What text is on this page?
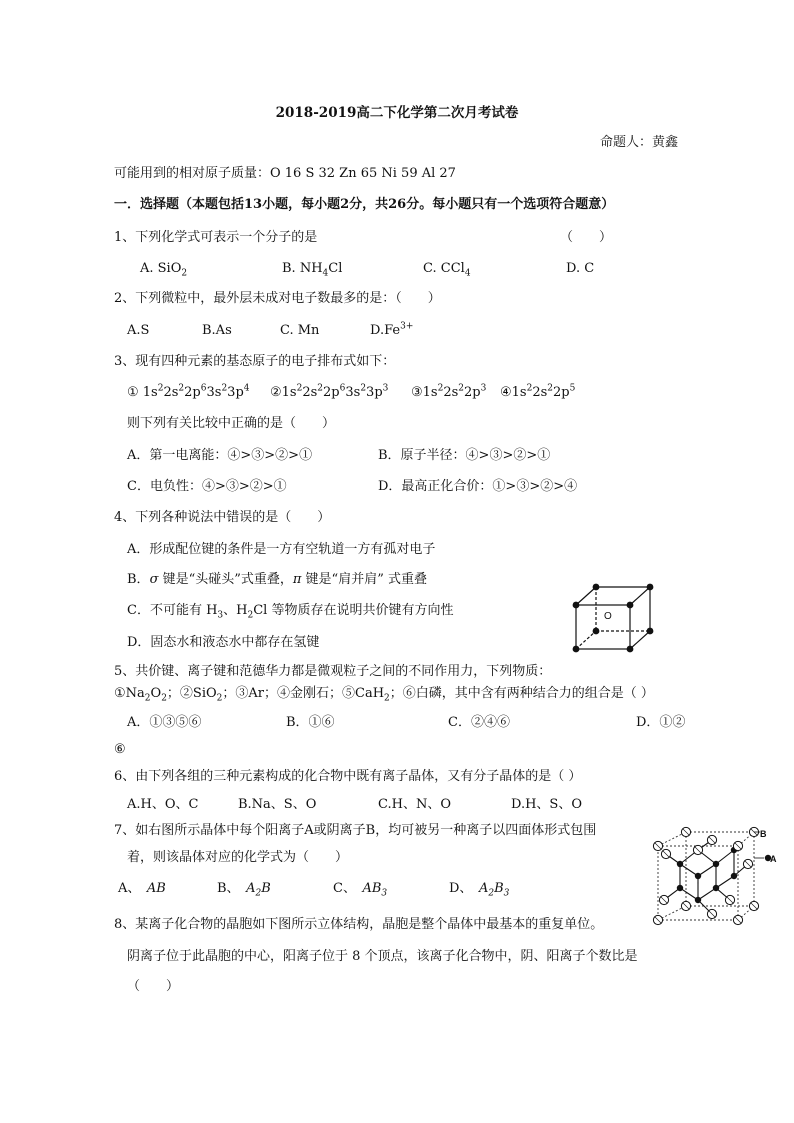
2018-2019高二下化学第二次月考试卷
命题人：黄鑫
可能用到的相对原子质量：O 16 S 32 Zn 65 Ni 59 Al 27
一．选择题（本题包括13小题，每小题2分，共26分。每小题只有一个选项符合题意）
1、下列化学式可表示一个分子的是	（　　）
A. SiO$_2$	B. $NH_4Cl$	C. CCl$_4$	D. C
2、下列微粒中，最外层未成对电子数最多的是：（　　）
A.S	B.As	C. Mn	$D.Fe^{3+}$
3、现有四种元素的基态原子的电子排布式如下：
① $1s^22s^22p^63s^23p^4$ $②1s^22s^22p^63s^23p^3$ $③1s^22s^22p^3$ $④1s^22s^22p^5$
则下列有关比较中正确的是（　　）
A．第一电离能：④>③>②>①	B．原子半径：④>③>②>①
C．电负性：④>③>②>①	D．最高正化合价：①>③>②>④
4、下列各种说法中错误的是（　　）
A．形成配位键的条件是一方有空轨道一方有孤对电子
B．σ 键是“头碰头”式重叠，π 键是“肩并肩” 式重叠
C．不可能有 $H_3$、$H_2Cl$ 等物质存在说明共价键有方向性
D．固态水和液态水中都存在氢键
O
5、共价键、离子键和范德华力都是微观粒子之间的不同作用力，下列物质：
$①Na_2O_2$；②SiO$_2$；③Ar；④金刚石；⑤CaH$_2$；⑥白磷，其中含有两种结合力的组合是（ ）
A．①③⑤⑥	B．①⑥	C．②④⑥	D．①②
⑥
6、由下列各组的三种元素构成的化合物中既有离子晶体，又有分子晶体的是（ ）
A.H、O、C	B.Na、S、O	C.H、N、O	D.H、S、O
7、如右图所示晶体中每个阳离子A或阴离子B，均可被另一种离子以四面体形式包围
着，则该晶体对应的化学式为（　　）
A、　 AB	B、　 $A_2B$	C、　 $AB_3$	D、　 $A_2B_3$
B
A
8、某离子化合物的晶胞如下图所示立体结构，晶胞是整个晶体中最基本的重复单位。
阴离子位于此晶胞的中心，阳离子位于 8 个顶点，该离子化合物中，阴、阳离子个数比是
（　　）
